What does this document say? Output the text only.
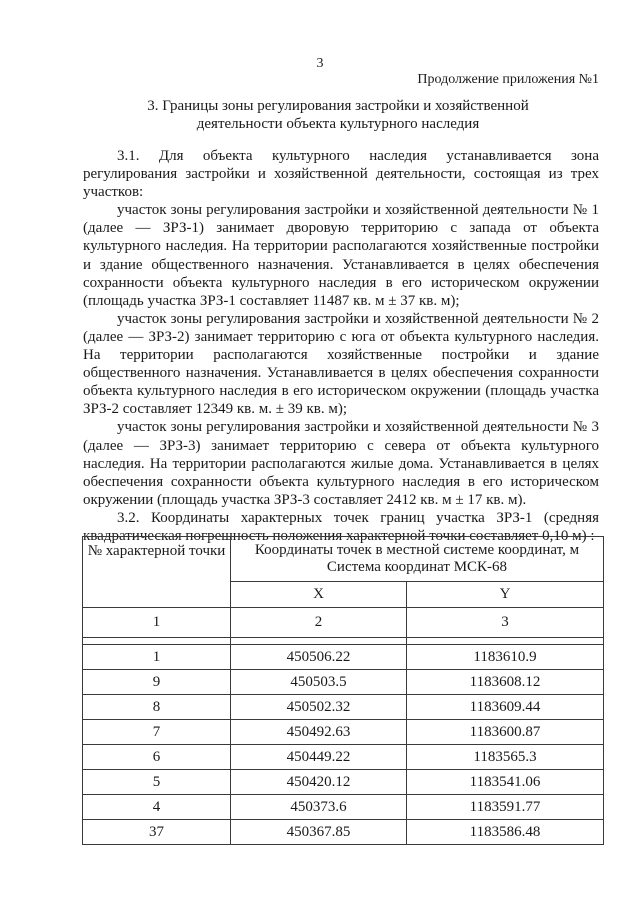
3
Продолжение приложения №1
3. Границы зоны регулирования застройки и хозяйственной
деятельности объекта культурного наследия

3.1. Для объекта культурного наследия устанавливается зона регулирования застройки и хозяйственной деятельности, состоящая из трех участков:

участок зоны регулирования застройки и хозяйственной деятельности № 1 (далее — ЗРЗ-1) занимает дворовую территорию с запада от объекта культурного наследия. На территории располагаются хозяйственные постройки и здание общественного назначения. Устанавливается в целях обеспечения сохранности объекта культурного наследия в его историческом окружении (площадь участка ЗРЗ-1 составляет 11487 кв. м ± 37 кв. м);

участок зоны регулирования застройки и хозяйственной деятельности № 2 (далее — ЗРЗ-2) занимает территорию с юга от объекта культурного наследия. На территории располагаются хозяйственные постройки и здание общественного назначения. Устанавливается в целях обеспечения сохранности объекта культурного наследия в его историческом окружении (площадь участка ЗРЗ-2 составляет 12349 кв. м. ± 39 кв. м);

участок зоны регулирования застройки и хозяйственной деятельности № 3 (далее — ЗРЗ-3) занимает территорию с севера от объекта культурного наследия. На территории располагаются жилые дома. Устанавливается в целях обеспечения сохранности объекта культурного наследия в его историческом окружении (площадь участка ЗРЗ-3 составляет 2412 кв. м ± 17 кв. м).

3.2. Координаты характерных точек границ участка ЗРЗ-1 (средняя квадратическая погрешность положения характерной точки составляет 0,10 м) :

№ характерной точки	Координаты точек в местной системе координат, м
Система координат МСК-68	

	X	Y
1	2	3

1	450506.22	1183610.9
9	450503.5	1183608.12
8	450502.32	1183609.44
7	450492.63	1183600.87
6	450449.22	1183565.3
5	450420.12	1183541.06
4	450373.6	1183591.77
37	450367.85	1183586.48
